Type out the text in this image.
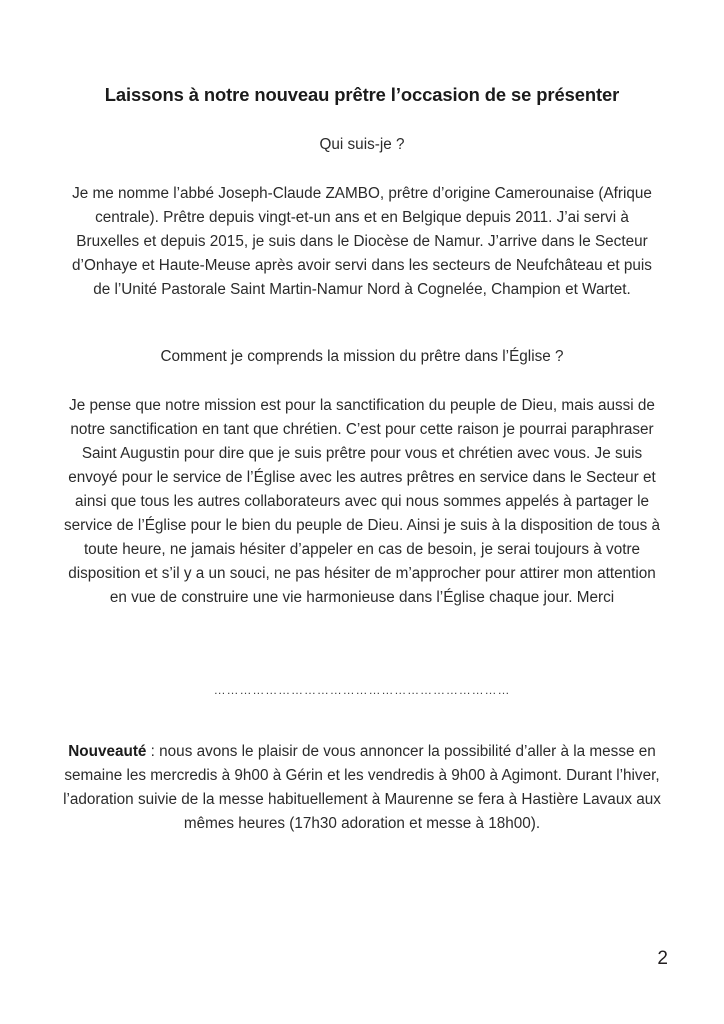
Laissons à notre nouveau prêtre l’occasion de se présenter
Qui suis-je ?
Je me nomme l’abbé Joseph-Claude ZAMBO, prêtre d’origine Camerounaise (Afrique centrale). Prêtre depuis vingt-et-un ans et en Belgique depuis 2011. J’ai servi à Bruxelles et depuis 2015, je suis dans le Diocèse de Namur. J’arrive dans le Secteur d’Onhaye et Haute-Meuse après avoir servi dans les secteurs de Neufchâteau et puis de l’Unité Pastorale Saint Martin-Namur Nord à Cognelée, Champion et Wartet.
Comment je comprends la mission du prêtre dans l’Église ?
Je pense que notre mission est pour la sanctification du peuple de Dieu, mais aussi de notre sanctification en tant que chrétien. C’est pour cette raison je pourrai paraphraser Saint Augustin pour dire que je suis prêtre pour vous et chrétien avec vous. Je suis envoyé pour le service de l’Église avec les autres prêtres en service dans le Secteur et ainsi que tous les autres collaborateurs avec qui nous sommes appelés à partager le service de l’Église pour le bien du peuple de Dieu. Ainsi je suis à la disposition de tous à toute heure, ne jamais hésiter d’appeler en cas de besoin, je serai toujours à votre disposition et s’il y a un souci, ne pas hésiter de m’approcher pour attirer mon attention en vue de construire une vie harmonieuse dans l’Église chaque jour. Merci
……………………………………………………………
Nouveauté : nous avons le plaisir de vous annoncer la possibilité d’aller à la messe en semaine les mercredis à 9h00 à Gérin et les vendredis à 9h00 à Agimont. Durant l’hiver, l’adoration suivie de la messe habituellement à Maurenne se fera à Hastière Lavaux aux mêmes heures (17h30 adoration et messe à 18h00).
2
